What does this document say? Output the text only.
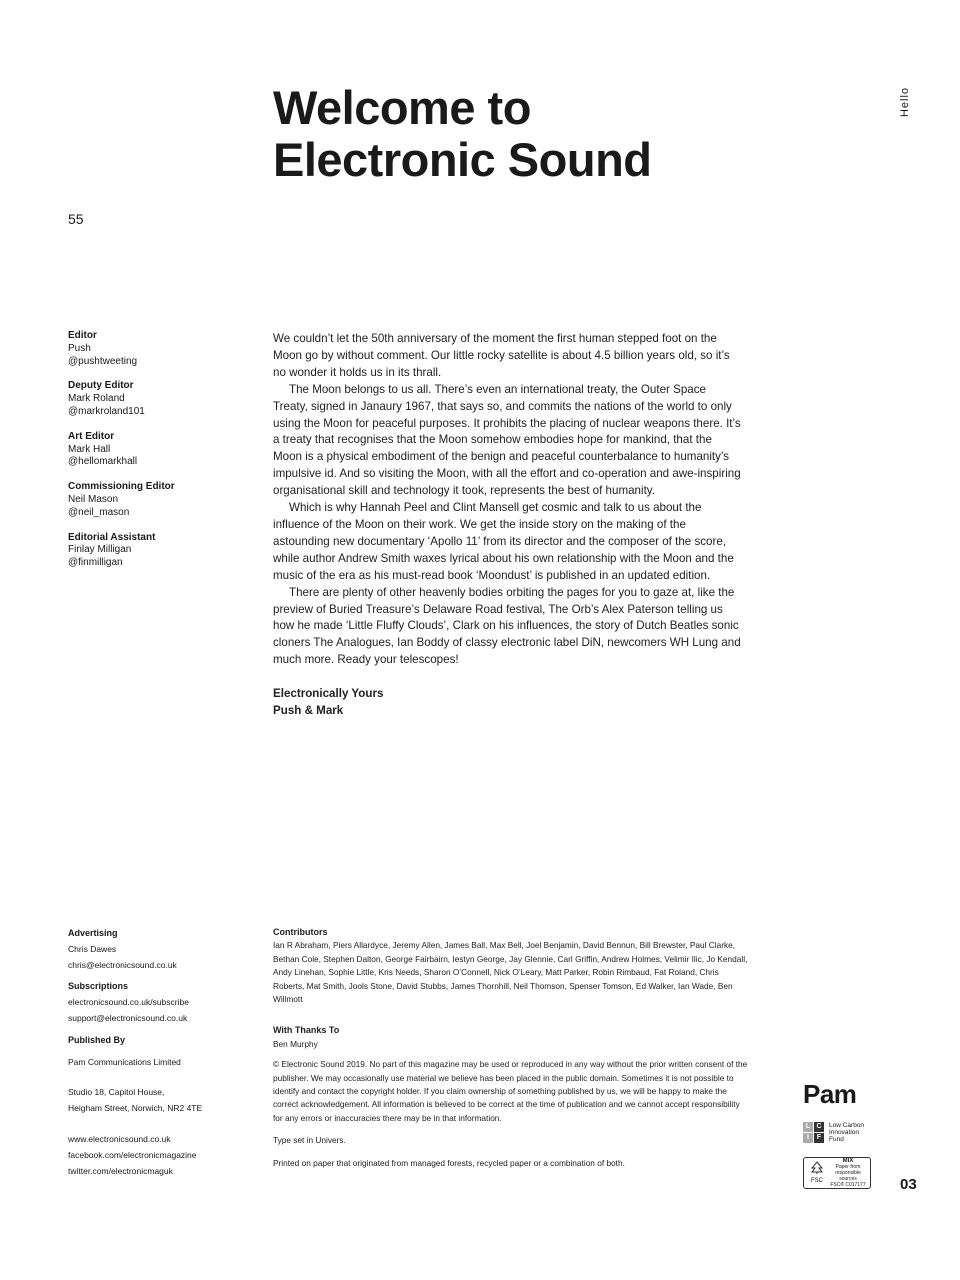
Welcome to
Electronic Sound
Hello
55
Editor
Push
@pushtweeting
Deputy Editor
Mark Roland
@markroland101
Art Editor
Mark Hall
@hellomarkhall
Commissioning Editor
Neil Mason
@neil_mason
Editorial Assistant
Finlay Milligan
@finmilligan

We couldn’t let the 50th anniversary of the moment the first human stepped foot on the Moon go by without comment. Our little rocky satellite is about 4.5 billion years old, so it’s no wonder it holds us in its thrall.

The Moon belongs to us all. There’s even an international treaty, the Outer Space Treaty, signed in Janaury 1967, that says so, and commits the nations of the world to only using the Moon for peaceful purposes. It prohibits the placing of nuclear weapons there. It’s a treaty that recognises that the Moon somehow embodies hope for mankind, that the Moon is a physical embodiment of the benign and peaceful counterbalance to humanity’s impulsive id. And so visiting the Moon, with all the effort and co-operation and awe-inspiring organisational skill and technology it took, represents the best of humanity.

Which is why Hannah Peel and Clint Mansell get cosmic and talk to us about the influence of the Moon on their work. We get the inside story on the making of the astounding new documentary ‘Apollo 11’ from its director and the composer of the score, while author Andrew Smith waxes lyrical about his own relationship with the Moon and the music of the era as his must-read book ‘Moondust’ is published in an updated edition.

There are plenty of other heavenly bodies orbiting the pages for you to gaze at, like the preview of Buried Treasure’s Delaware Road festival, The Orb’s Alex Paterson telling us how he made ‘Little Fluffy Clouds’, Clark on his influences, the story of Dutch Beatles sonic cloners The Analogues, Ian Boddy of classy electronic label DiN, newcomers WH Lung and much more. Ready your telescopes!

Electronically Yours
Push & Mark
Advertising
Chris Dawes
chris@electronicsound.co.uk
Subscriptions
electronicsound.co.uk/subscribe
support@electronicsound.co.uk
Published By
Pam Communications Limited
Studio 18, Capitol House,
Heigham Street, Norwich, NR2 4TE
www.electronicsound.co.uk
facebook.com/electronicmagazine
twitter.com/electronicmaguk
Contributors
Ian R Abraham, Piers Allardyce, Jeremy Allen, James Ball, Max Bell, Joel Benjamin, David Bennun, Bill Brewster, Paul Clarke, Bethan Cole, Stephen Dalton, George Fairbairn, Iestyn George, Jay Glennie, Carl Griffin, Andrew Holmes, Velimir Ilic, Jo Kendall, Andy Linehan, Sophie Little, Kris Needs, Sharon O’Connell, Nick O’Leary, Matt Parker, Robin Rimbaud, Fat Roland, Chris Roberts, Mat Smith, Jools Stone, David Stubbs, James Thornhill, Neil Thomson, Spenser Tomson, Ed Walker, Ian Wade, Ben Willmott
With Thanks To
Ben Murphy
© Electronic Sound 2019. No part of this magazine may be used or reproduced in any way without the prior written consent of the publisher. We may occasionally use material we believe has been placed in the public domain. Sometimes it is not possible to identify and contact the copyright holder. If you claim ownership of something published by us, we will be happy to make the correct acknowledgement. All information is believed to be correct at the time of publication and we cannot accept responsibility for any errors or inaccuracies there may be in that information.
Type set in Univers.
Printed on paper that originated from managed forests, recycled paper or a combination of both.
Pam
L C
I	F
Low Carbon
Innovation
Fund
FSC
MIX
Paper from responsible sources
FSC® C017177 03
